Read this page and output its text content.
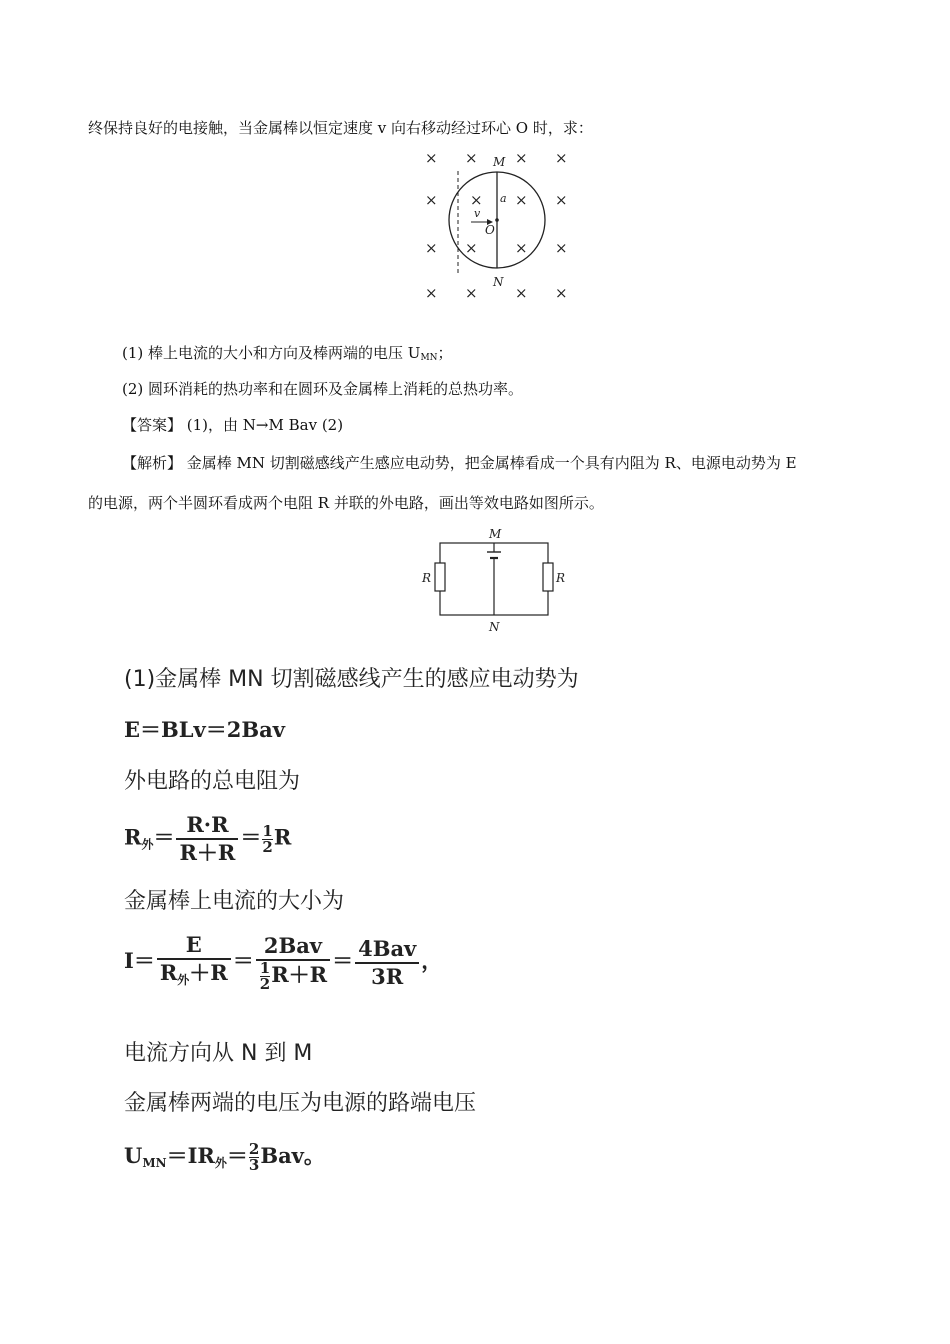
终保持良好的电接触，当金属棒以恒定速度 v 向右移动经过环心 O 时，求：
× × × ×
× × × ×
× × × ×
× × × ×
M
N
O
a
v
(1) 棒上电流的大小和方向及棒两端的电压 $U_{MN}$；
(2) 圆环消耗的热功率和在圆环及金属棒上消耗的总热功率。
【答案】 (1)，由 N→M Bav (2)
【解析】 金属棒 MN 切割磁感线产生感应电动势，把金属棒看成一个具有内阻为 R、电源电动势为 E
的电源，两个半圆环看成两个电阻 R 并联的外电路，画出等效电路如图所示。
M
N
R	R
(1)金属棒 MN 切割磁感线产生的感应电动势为
E＝BLv＝2Bav
外电路的总电阻为
R外＝ $\frac{R\cdot R}{R+R} = \frac{1}{2}$ R
金属棒上电流的大小为
$I= \frac{E}{\text{R外＋R}} = \frac{\text{2Bav}}{\frac{1}{2} R+R} = \frac{\text{4Bav}}{3R}$ ，
电流方向从 N 到 M
金属棒两端的电压为电源的路端电压
UMN＝IR外＝ $\frac{2}{3}$ Bav。
